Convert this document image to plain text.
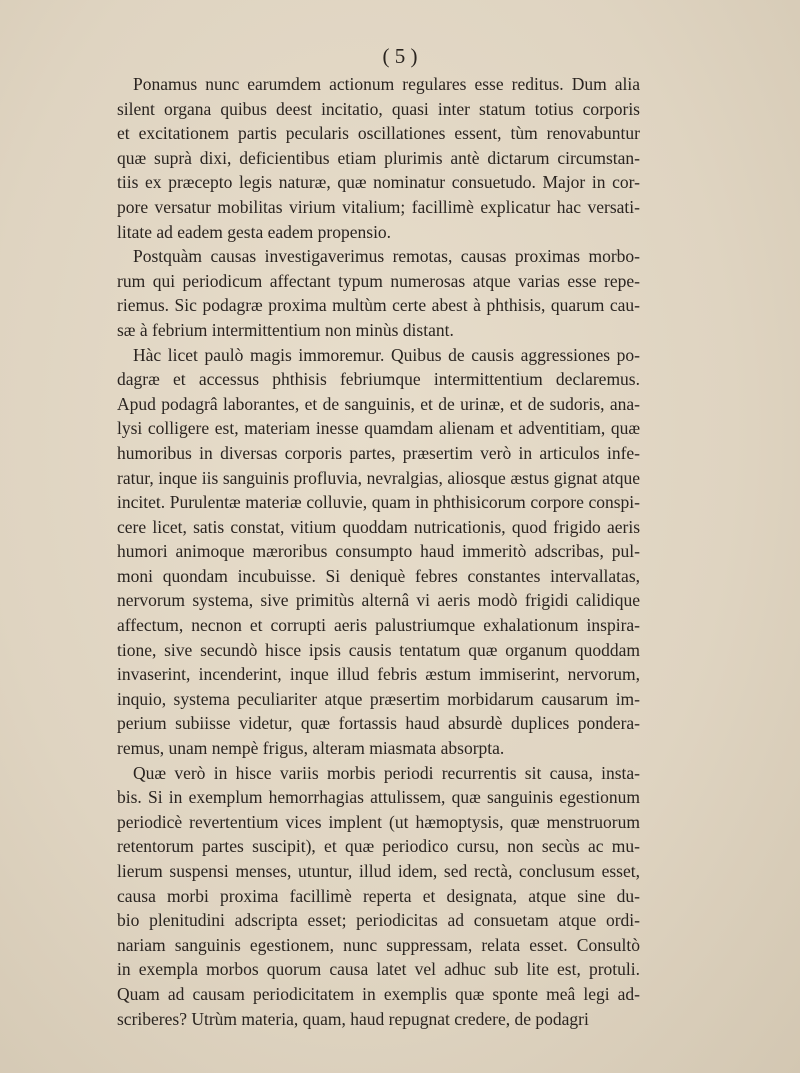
( 5 )
Ponamus nunc earumdem actionum regulares esse reditus. Dum alia
silent organa quibus deest incitatio, quasi inter statum totius corporis
et excitationem partis pecularis oscillationes essent, tùm renovabuntur
quæ suprà dixi, deficientibus etiam plurimis antè dictarum circumstan-
tiis ex præcepto legis naturæ, quæ nominatur consuetudo. Major in cor-
pore versatur mobilitas virium vitalium; facillimè explicatur hac versati-
litate ad eadem gesta eadem propensio.
Postquàm causas investigaverimus remotas, causas proximas morbo-
rum qui periodicum affectant typum numerosas atque varias esse repe-
riemus. Sic podagræ proxima multùm certe abest à phthisis, quarum cau-
sæ à febrium intermittentium non minùs distant.
Hàc licet paulò magis immoremur. Quibus de causis aggressiones po-
dagræ et accessus phthisis febriumque intermittentium declaremus.
Apud podagrâ laborantes, et de sanguinis, et de urinæ, et de sudoris, ana-
lysi colligere est, materiam inesse quamdam alienam et adventitiam, quæ
humoribus in diversas corporis partes, præsertim verò in articulos infe-
ratur, inque iis sanguinis profluvia, nevralgias, aliosque æstus gignat atque
incitet. Purulentæ materiæ colluvie, quam in phthisicorum corpore conspi-
cere licet, satis constat, vitium quoddam nutricationis, quod frigido aeris
humori animoque mæroribus consumpto haud immeritò adscribas, pul-
moni quondam incubuisse. Si deniquè febres constantes intervallatas,
nervorum systema, sive primitùs alternâ vi aeris modò frigidi calidique
affectum, necnon et corrupti aeris palustriumque exhalationum inspira-
tione, sive secundò hisce ipsis causis tentatum quæ organum quoddam
invaserint, incenderint, inque illud febris æstum immiserint, nervorum,
inquio, systema peculiariter atque præsertim morbidarum causarum im-
perium subiisse videtur, quæ fortassis haud absurdè duplices pondera-
remus, unam nempè frigus, alteram miasmata absorpta.
Quæ verò in hisce variis morbis periodi recurrentis sit causa, insta-
bis. Si in exemplum hemorrhagias attulissem, quæ sanguinis egestionum
periodicè revertentium vices implent (ut hæmoptysis, quæ menstruorum
retentorum partes suscipit), et quæ periodico cursu, non secùs ac mu-
lierum suspensi menses, utuntur, illud idem, sed rectà, conclusum esset,
causa morbi proxima facillimè reperta et designata, atque sine du-
bio plenitudini adscripta esset; periodicitas ad consuetam atque ordi-
nariam sanguinis egestionem, nunc suppressam, relata esset. Consultò
in exempla morbos quorum causa latet vel adhuc sub lite est, protuli.
Quam ad causam periodicitatem in exemplis quæ sponte meâ legi ad-
scriberes? Utrùm materia, quam, haud repugnat credere, de podagri
